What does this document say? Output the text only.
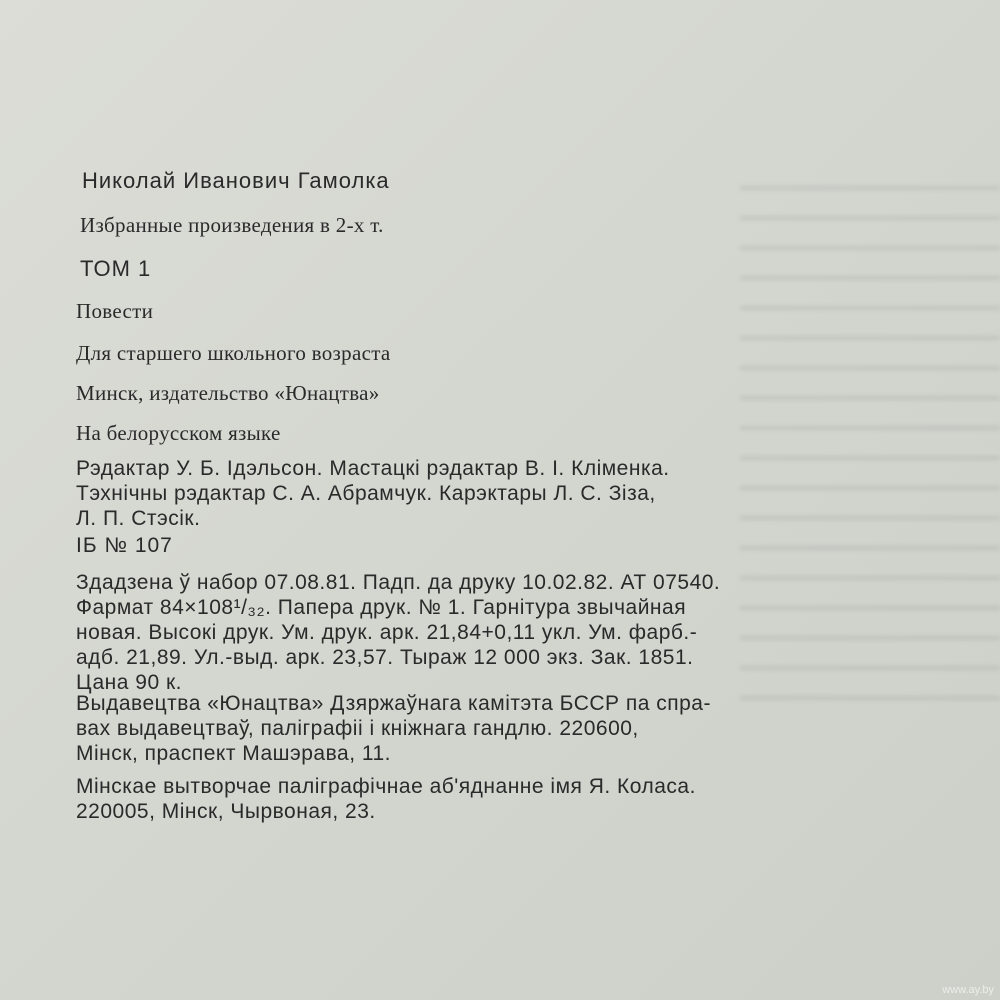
Николай Иванович Гамолка
Избранные произведения в 2-х т.
ТОМ 1
Повести
Для старшего школьного возраста
Минск, издательство «Юнацтва»
На белорусском языке
Рэдактар У. Б. Ідэльсон. Мастацкі рэдактар В. І. Кліменка.
Тэхнічны рэдактар С. А. Абрамчук. Карэктары Л. С. Зіза,
Л. П. Стэсік.
ІБ № 107
Здадзена ў набор 07.08.81. Падп. да друку 10.02.82. АТ 07540.
Фармат 84×108¹/₃₂. Папера друк. № 1. Гарнітура звычайная
новая. Высокі друк. Ум. друк. арк. 21,84+0,11 укл. Ум. фарб.-
адб. 21,89. Ул.-выд. арк. 23,57. Тыраж 12 000 экз. Зак. 1851.
Цана 90 к.
Выдавецтва «Юнацтва» Дзяржаўнага камітэта БССР па спра-
вах выдавецтваў, паліграфіі і кніжнага гандлю. 220600,
Мінск, праспект Машэрава, 11.
Мінскае вытворчае паліграфічнае аб'яднанне імя Я. Коласа.
220005, Мінск, Чырвоная, 23.
www.ay.by
